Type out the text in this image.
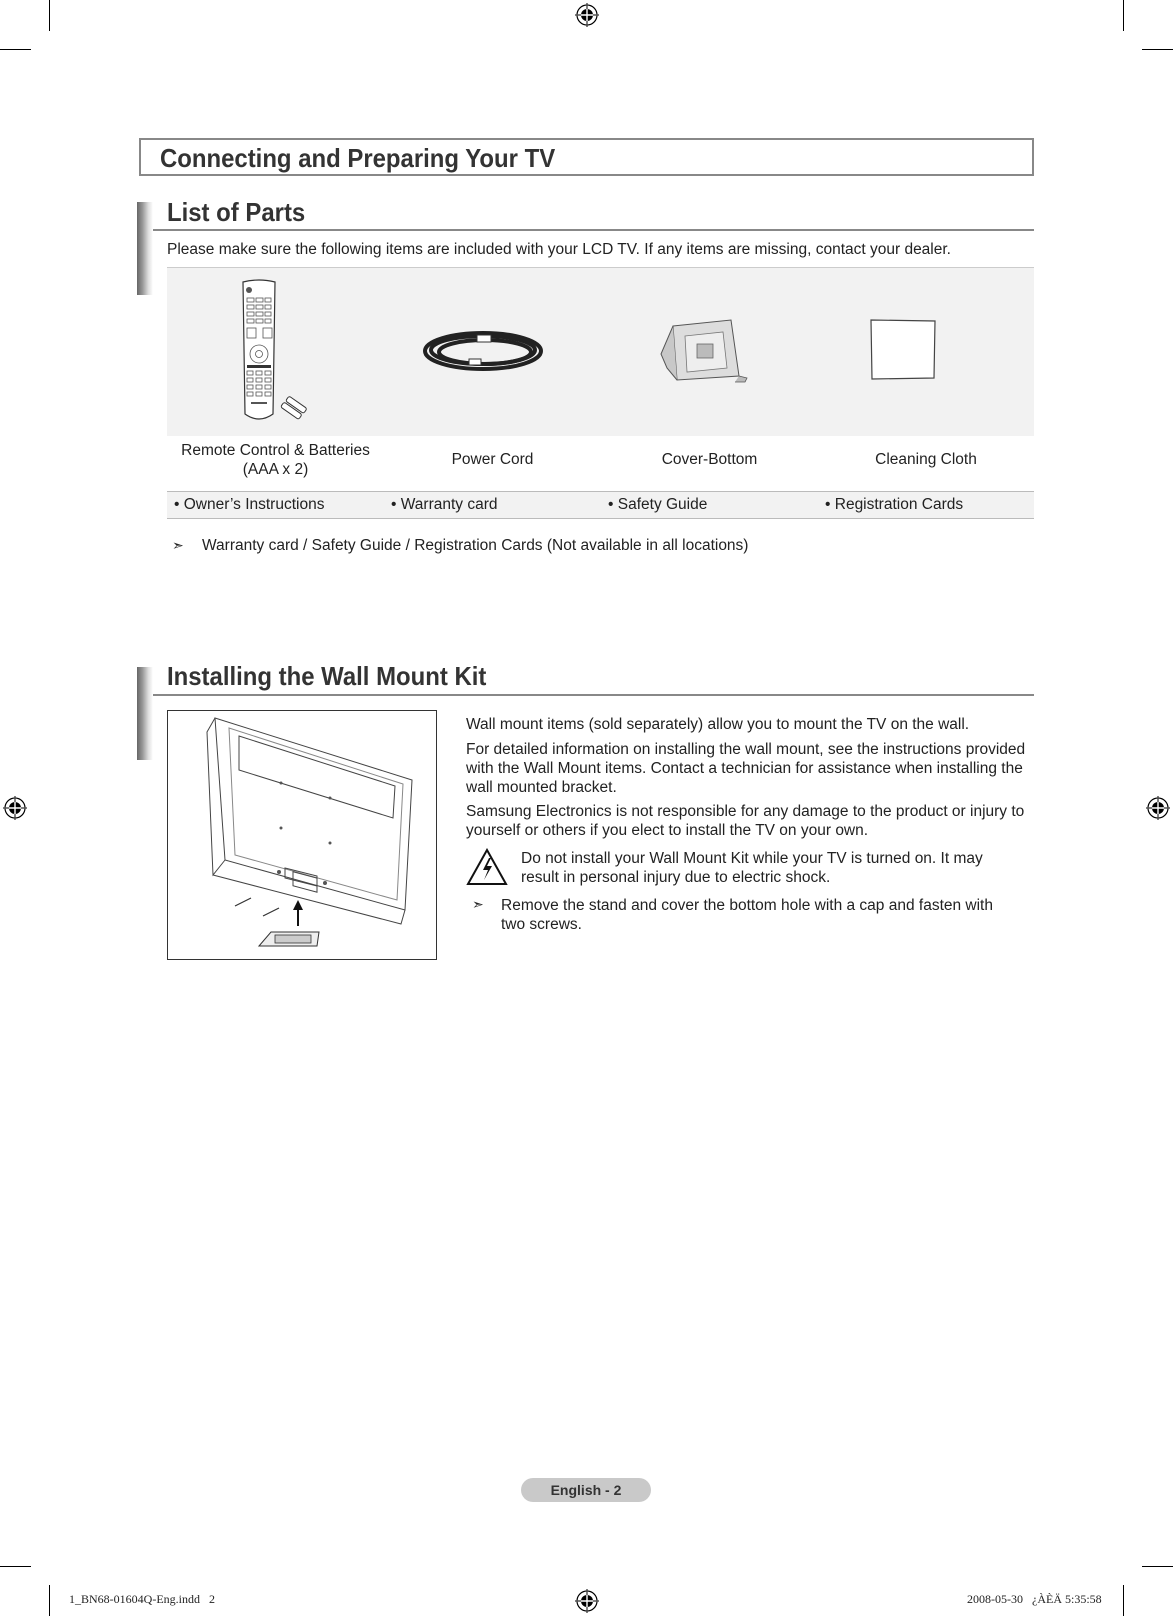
Connecting and Preparing Your TV
List of Parts
Please make sure the following items are included with your LCD TV. If any items are missing, contact your dealer.
Remote Control & Batteries
(AAA x 2)
Power Cord	Cover-Bottom	Cleaning Cloth
• Owner’s Instructions	• Warranty card	• Safety Guide	• Registration Cards
➣ Warranty card / Safety Guide / Registration Cards (Not available in all locations)
Installing the Wall Mount Kit
Wall mount items (sold separately) allow you to mount the TV on the wall.
For detailed information on installing the wall mount, see the instructions provided with the Wall Mount items. Contact a technician for assistance when installing the wall mounted bracket.
Samsung Electronics is not responsible for any damage to the product or injury to yourself or others if you elect to install the TV on your own.
Do not install your Wall Mount Kit while your TV is turned on. It may result in personal injury due to electric shock.
➣ Remove the stand and cover the bottom hole with a cap and fasten with two screws.
English - 2
1_BN68-01604Q-Eng.indd   2	2008-05-30   ¿ÀÈÄ 5:35:58
